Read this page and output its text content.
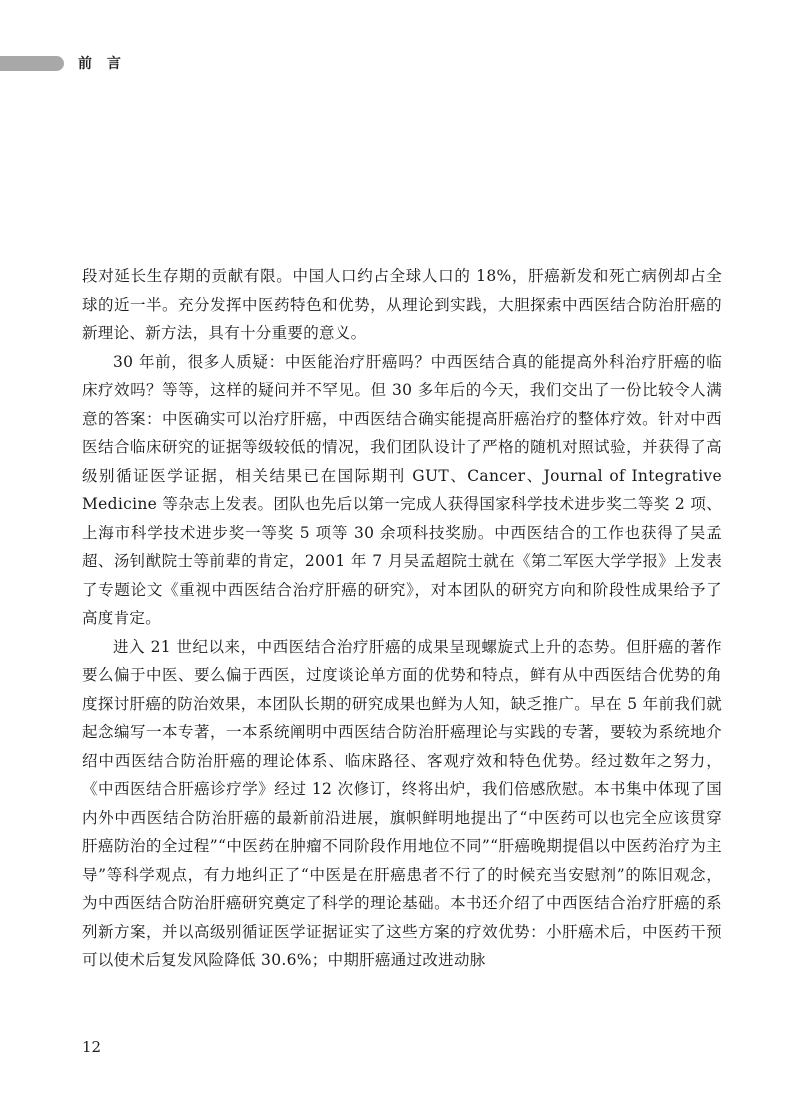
前 言

段对延长生存期的贡献有限。中国人口约占全球人口的 18%，肝癌新发和死亡病例却占全球的近一半。充分发挥中医药特色和优势，从理论到实践，大胆探索中西医结合防治肝癌的新理论、新方法，具有十分重要的意义。

30 年前，很多人质疑：中医能治疗肝癌吗？中西医结合真的能提高外科治疗肝癌的临床疗效吗？等等，这样的疑问并不罕见。但 30 多年后的今天，我们交出了一份比较令人满意的答案：中医确实可以治疗肝癌，中西医结合确实能提高肝癌治疗的整体疗效。针对中西医结合临床研究的证据等级较低的情况，我们团队设计了严格的随机对照试验，并获得了高级别循证医学证据，相关结果已在国际期刊 GUT、Cancer、Journal of Integrative Medicine 等杂志上发表。团队也先后以第一完成人获得国家科学技术进步奖二等奖 2 项、上海市科学技术进步奖一等奖 5 项等 30 余项科技奖励。中西医结合的工作也获得了吴孟超、汤钊猷院士等前辈的肯定，2001 年 7 月吴孟超院士就在《第二军医大学学报》上发表了专题论文《重视中西医结合治疗肝癌的研究》，对本团队的研究方向和阶段性成果给予了高度肯定。

进入 21 世纪以来，中西医结合治疗肝癌的成果呈现螺旋式上升的态势。但肝癌的著作要么偏于中医、要么偏于西医，过度谈论单方面的优势和特点，鲜有从中西医结合优势的角度探讨肝癌的防治效果，本团队长期的研究成果也鲜为人知，缺乏推广。早在 5 年前我们就起念编写一本专著，一本系统阐明中西医结合防治肝癌理论与实践的专著，要较为系统地介绍中西医结合防治肝癌的理论体系、临床路径、客观疗效和特色优势。经过数年之努力，《中西医结合肝癌诊疗学》经过 12 次修订，终将出炉，我们倍感欣慰。本书集中体现了国内外中西医结合防治肝癌的最新前沿进展，旗帜鲜明地提出了“中医药可以也完全应该贯穿肝癌防治的全过程”“中医药在肿瘤不同阶段作用地位不同”“肝癌晚期提倡以中医药治疗为主导”等科学观点，有力地纠正了“中医是在肝癌患者不行了的时候充当安慰剂”的陈旧观念，为中西医结合防治肝癌研究奠定了科学的理论基础。本书还介绍了中西医结合治疗肝癌的系列新方案，并以高级别循证医学证据证实了这些方案的疗效优势：小肝癌术后，中医药干预可以使术后复发风险降低 30.6%；中期肝癌通过改进动脉

12
